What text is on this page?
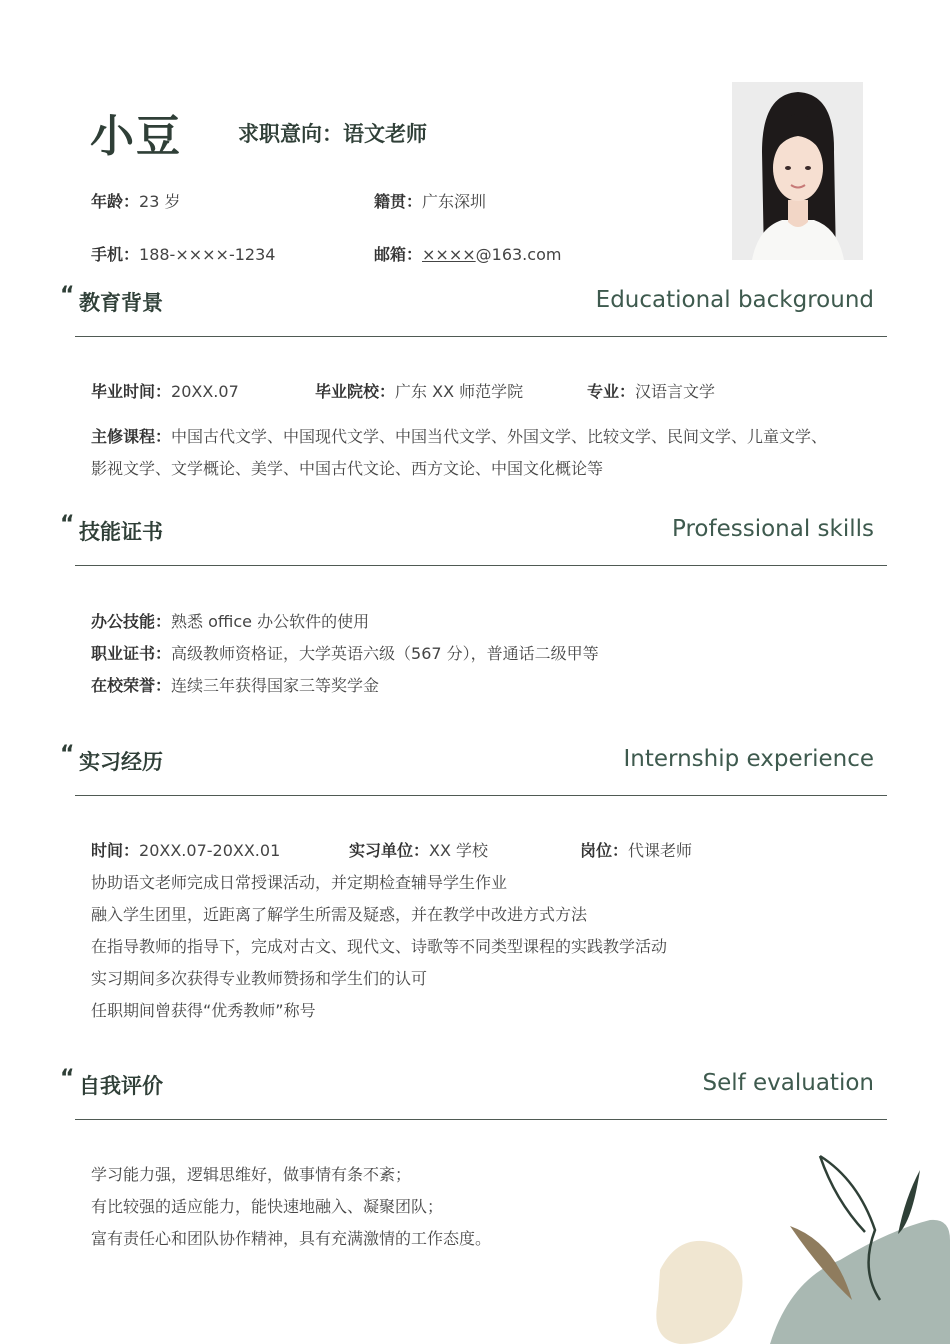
小豆	求职意向：语文老师
年龄：23 岁	籍贯：广东深圳
手机：188-××××-1234	邮箱：××××@163.com
“ 教育背景	Educational background
毕业时间：20XX.07	毕业院校：广东 XX 师范学院	专业：汉语言文学
主修课程：中国古代文学、中国现代文学、中国当代文学、外国文学、比较文学、民间文学、儿童文学、
影视文学、文学概论、美学、中国古代文论、西方文论、中国文化概论等
“ 技能证书	Professional skills
办公技能：熟悉 office 办公软件的使用
职业证书：高级教师资格证，大学英语六级（567 分），普通话二级甲等
在校荣誉：连续三年获得国家三等奖学金
“ 实习经历	Internship experience
时间：20XX.07-20XX.01	实习单位：XX 学校	岗位：代课老师
协助语文老师完成日常授课活动，并定期检查辅导学生作业
融入学生团里，近距离了解学生所需及疑惑，并在教学中改进方式方法
在指导教师的指导下，完成对古文、现代文、诗歌等不同类型课程的实践教学活动
实习期间多次获得专业教师赞扬和学生们的认可
任职期间曾获得“优秀教师”称号
“ 自我评价	Self evaluation
学习能力强，逻辑思维好，做事情有条不紊；
有比较强的适应能力，能快速地融入、凝聚团队；
富有责任心和团队协作精神，具有充满激情的工作态度。
